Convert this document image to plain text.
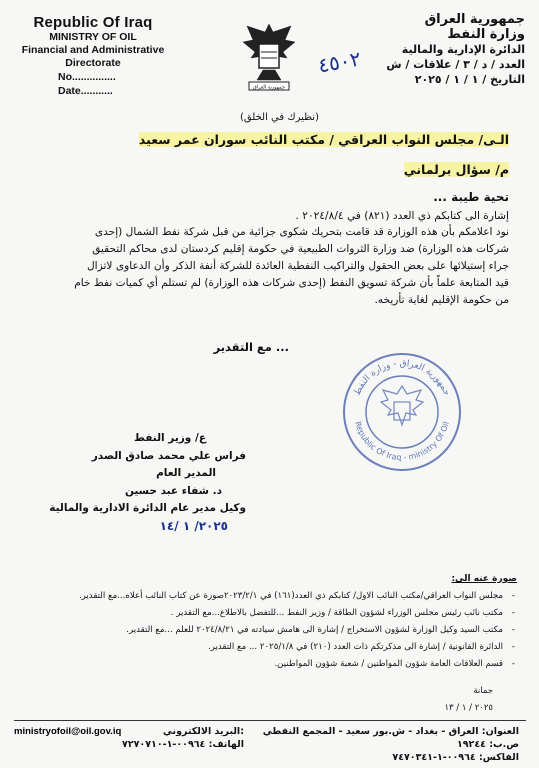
Republic Of Iraq
MINISTRY OF OIL
Financial and Administrative
Directorate
No...............
Date...........	جمهورية العراق
٤٥٠٢
جمهورية العراق
وزارة النفط
الدائرة الإدارية والمالية
العدد / د / ٣ / علاقات / ش
التاريخ / ١ / ١ / ٢٠٢٥
(نظيرك في الخلق)
الـى/ مجلس النواب العراقي / مكتب النائب سوران عمر سعيد
م/ سؤال برلماني
تحية طيبة ...
إشارة الى كتابكم ذي العدد (٨٢١) في ٢٠٢٤/٨/٤ .
نود اعلامكم بأن هذه الوزارة قد قامت بتحريك شكوى جزائية من قبل شركة نفط الشمال (إحدى
شركات هذه الوزارة) ضد وزارة الثروات الطبيعية في حكومة إقليم كردستان لدى محاكم التحقيق
جراء إستيلائها على بعض الحقول والتراكيب النفطية العائدة للشركة أنفة الذكر وأن الدعاوى لاتزال
قيد المتابعة علماً بأن شركة تسويق النفط (إحدى شركات هذه الوزارة) لم تستلم أي كميات نفط خام
من حكومة الإقليم لغاية تأريخه.
... مع التقدير
جمهورية العراق - وزارة النفط
Republic Of Iraq - ministry Of Oil
ع/ وزير النفط
فراس علي محمد صادق الصدر
المدير العام
د. شفاء عبد حسين
وكيل مدير عام الدائرة الادارية والمالية
٢٠٢٥/ ١ /١٤
صورة عنه الى:
- مجلس النواب العراقي/مكتب النائب الاول/ كتابكم ذي العدد(١٦١) في ٢٠٢٣/٢/١صورة عن كتاب النائب أعلاه...مع التقدير.
- مكتب نائب رئيس مجلس الوزراء لشؤون الطاقة / وزير النفط ...للتفضل بالاطلاع...مع التقدير .
- مكتب السيد وكيل الوزارة لشؤون الاستخراج / إشارة الى هامش سيادته في ٢٠٢٤/٨/٢١ للعلم ...مع التقدير.
- الدائرة القانونية / إشارة الى مذكرتكم ذات العدد (٢١٠) في ٢٠٢٥/١/٨ ... مع التقدير.
- قسم العلاقات العامة شؤون المواطنين / شعبة شؤون المواطنين.
جمانة
٢٠٢٥ / ١ / ١٣
العنوان: العراق - بغداد - ش.بور سعيد - المجمع النفطي
ص.ب: ١٩٢٤٤
الفاكس: ٠٠٩٦٤-١-٧٤٧٠٣٤١
ministryofoil@oil.gov.iq	البريد الالكتروني:
الهاتف: ٠٠٩٦٤-١-٧٢٧٠٧١٠
